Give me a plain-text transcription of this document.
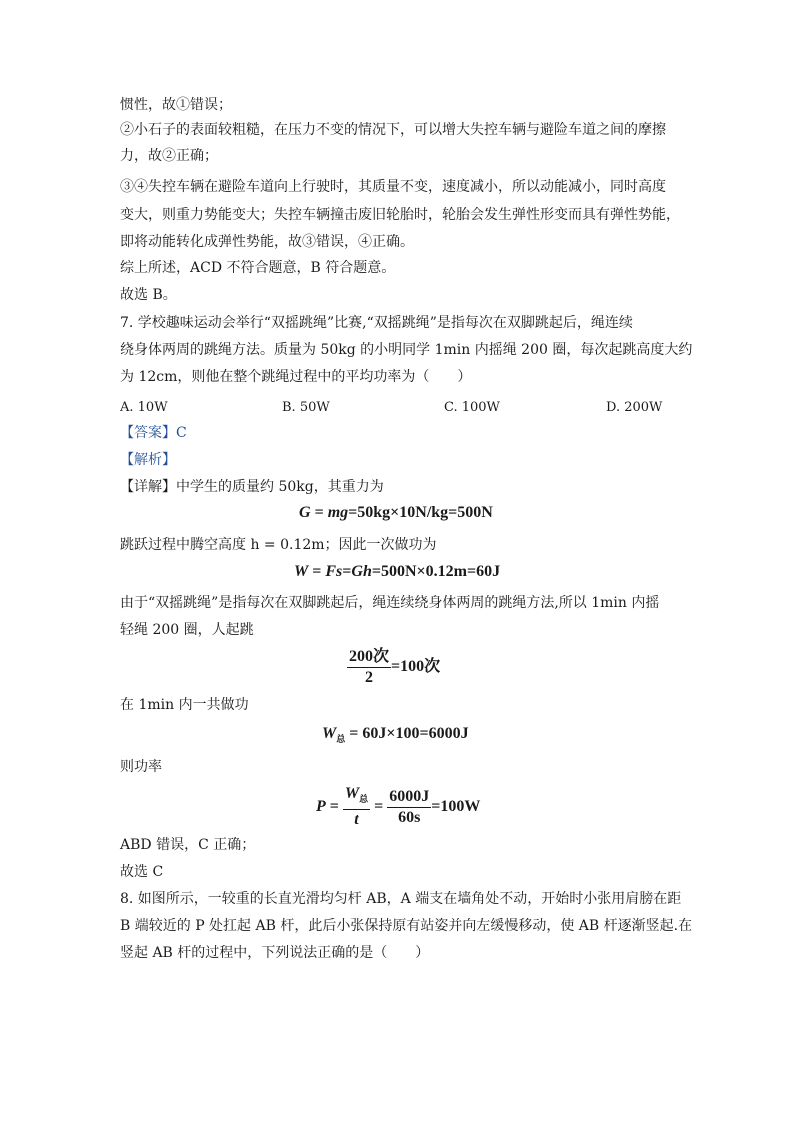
惯性，故①错误；
②小石子的表面较粗糙，在压力不变的情况下，可以增大失控车辆与避险车道之间的摩擦
力，故②正确；
③④失控车辆在避险车道向上行驶时，其质量不变，速度减小，所以动能减小，同时高度
变大，则重力势能变大；失控车辆撞击废旧轮胎时，轮胎会发生弹性形变而具有弹性势能，
即将动能转化成弹性势能，故③错误，④正确。
综上所述，ACD 不符合题意，B 符合题意。
故选 B。
7. 学校趣味运动会举行“双摇跳绳”比赛,“双摇跳绳”是指每次在双脚跳起后，绳连续
绕身体两周的跳绳方法。质量为 50kg 的小明同学 1min 内摇绳 200 圈，每次起跳高度大约
为 12cm，则他在整个跳绳过程中的平均功率为（　　）
A. 10W	B. 50W	C. 100W	D. 200W
【答案】C
【解析】
【详解】中学生的质量约 50kg，其重力为
G = mg=50kg×10N/kg=500N
跳跃过程中腾空高度 h = 0.12m；因此一次做功为
W = Fs=Gh=500N×0.12m=60J
由于“双摇跳绳”是指每次在双脚跳起后，绳连续绕身体两周的跳绳方法,所以 1min 内摇
轻绳 200 圈，人起跳
$\frac{\text{200次}}{2} =100$次
在 1min 内一共做功
$W_总 = 60J\times 100=6000J$
则功率
$P = \frac{W_总}{t} = \frac{6000J}{60s} =100W$
ABD 错误，C 正确；
故选 C
8. 如图所示，一较重的长直光滑均匀杆 AB，A 端支在墙角处不动，开始时小张用肩膀在距
B 端较近的 P 处扛起 AB 杆，此后小张保持原有站姿并向左缓慢移动，使 AB 杆逐渐竖起.在
竖起 AB 杆的过程中，下列说法正确的是（　　）
